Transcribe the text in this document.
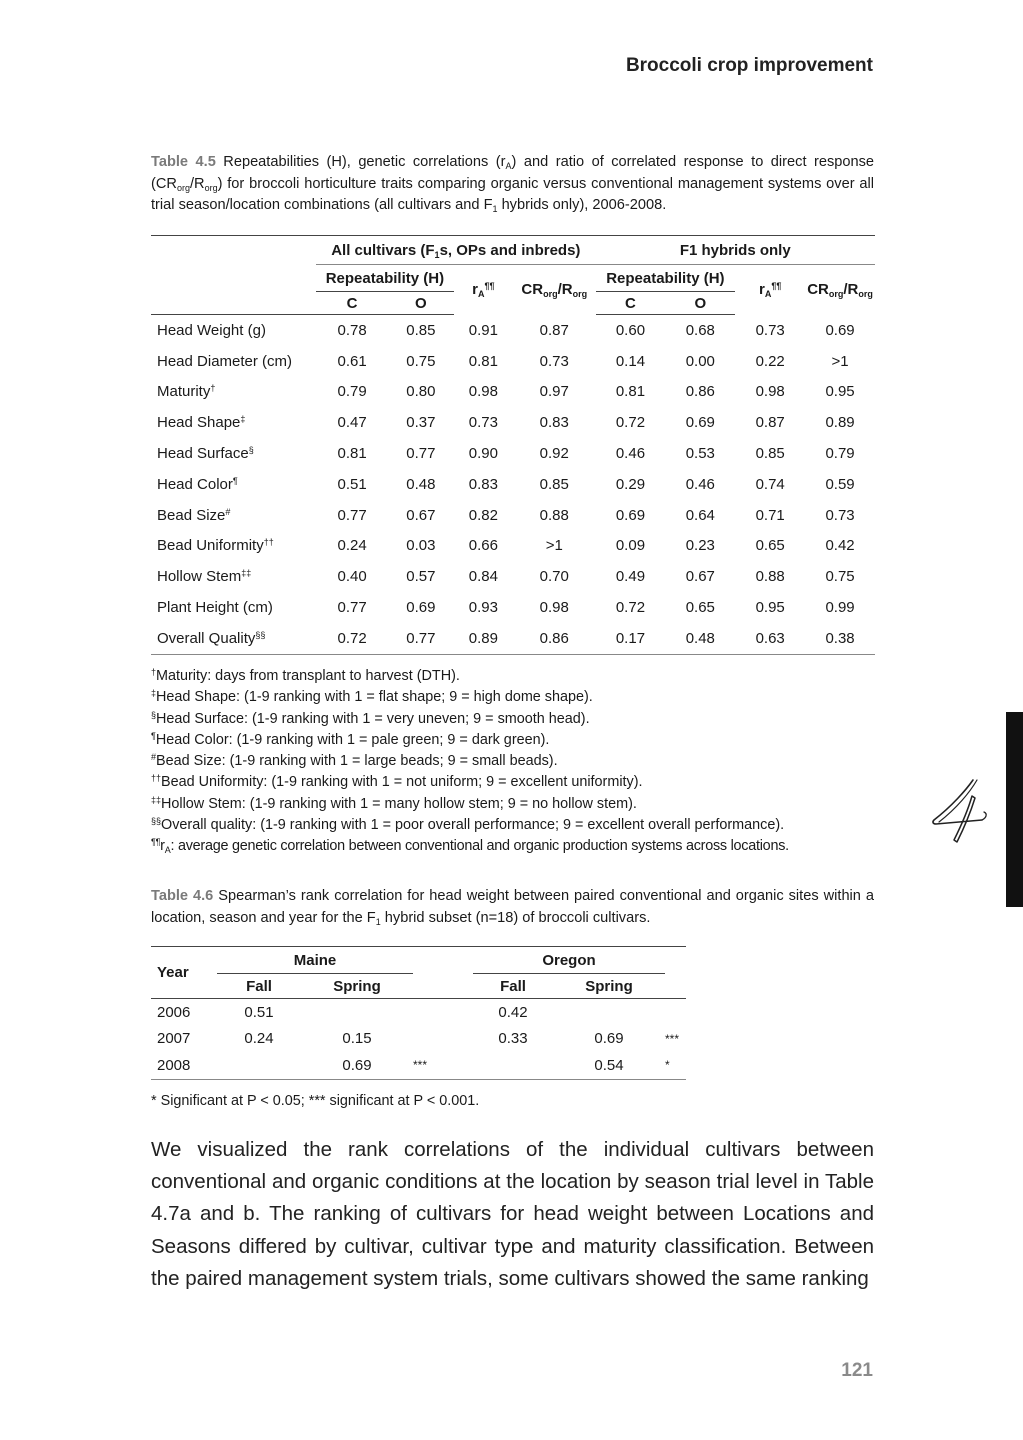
Broccoli crop improvement
Table 4.5 Repeatabilities (H), genetic correlations $(r_A)$ and ratio of correlated response to direct response $(CR_{org}/R_{org})$ for broccoli horticulture traits comparing organic versus conventional management systems over all trial season/location combinations (all cultivars and $F_1$ hybrids only), 2006-2008.
	All cultivars ($F_1s$, OPs and inbreds)				F1 hybrids only			
	Repeatability (H)		$r_A^{\P\P}$	$CR_{org}/R_{org}$	Repeatability (H)		$r_A^{\P\P}$	$CR_{org}/R_{org}$
	C	O			C	O		
Head Weight (g)	0.78	0.85	0.91	0.87	0.60	0.68	0.73	0.69
Head Diameter (cm)	0.61	0.75	0.81	0.73	0.14	0.00	0.22	>1
Maturity†	0.79	0.80	0.98	0.97	0.81	0.86	0.98	0.95
Head Shape‡	0.47	0.37	0.73	0.83	0.72	0.69	0.87	0.89
Head Surface§	0.81	0.77	0.90	0.92	0.46	0.53	0.85	0.79
Head Color¶	0.51	0.48	0.83	0.85	0.29	0.46	0.74	0.59
Bead Size#	0.77	0.67	0.82	0.88	0.69	0.64	0.71	0.73
Bead Uniformity††	0.24	0.03	0.66	>1	0.09	0.23	0.65	0.42
Hollow Stem‡‡	0.40	0.57	0.84	0.70	0.49	0.67	0.88	0.75
Plant Height (cm)	0.77	0.69	0.93	0.98	0.72	0.65	0.95	0.99
Overall Quality§§	0.72	0.77	0.89	0.86	0.17	0.48	0.63	0.38
†Maturity: days from transplant to harvest (DTH).
‡Head Shape: (1-9 ranking with 1 = flat shape; 9 = high dome shape).
§Head Surface: (1-9 ranking with 1 = very uneven; 9 = smooth head).
¶Head Color: (1-9 ranking with 1 = pale green; 9 = dark green).
#Bead Size: (1-9 ranking with 1 = large beads; 9 = small beads).
††Bead Uniformity: (1-9 ranking with 1 = not uniform; 9 = excellent uniformity).
‡‡Hollow Stem: (1-9 ranking with 1 = many hollow stem; 9 = no hollow stem).
§§Overall quality: (1-9 ranking with 1 = poor overall performance; 9 = excellent overall performance).
$^{\P\P}r_A$: average genetic correlation between conventional and organic production systems across locations.
Table 4.6 Spearman’s rank correlation for head weight between paired conventional and organic sites within a location, season and year for the $F_1$ hybrid subset (n=18) of broccoli cultivars.
Year	Maine			Oregon		
	Fall	Spring		Fall	Spring	
2006	0.51			0.42		
2007	0.24	0.15		0.33	0.69	***
2008		0.69	***		0.54	*
* Significant at P < 0.05; *** significant at P < 0.001.
We visualized the rank correlations of the individual cultivars between conventional and organic conditions at the location by season trial level in Table 4.7a and b. The ranking of cultivars for head weight between Locations and Seasons differed by cultivar, cultivar type and maturity classification. Between the paired management system trials, some cultivars showed the same ranking
121
